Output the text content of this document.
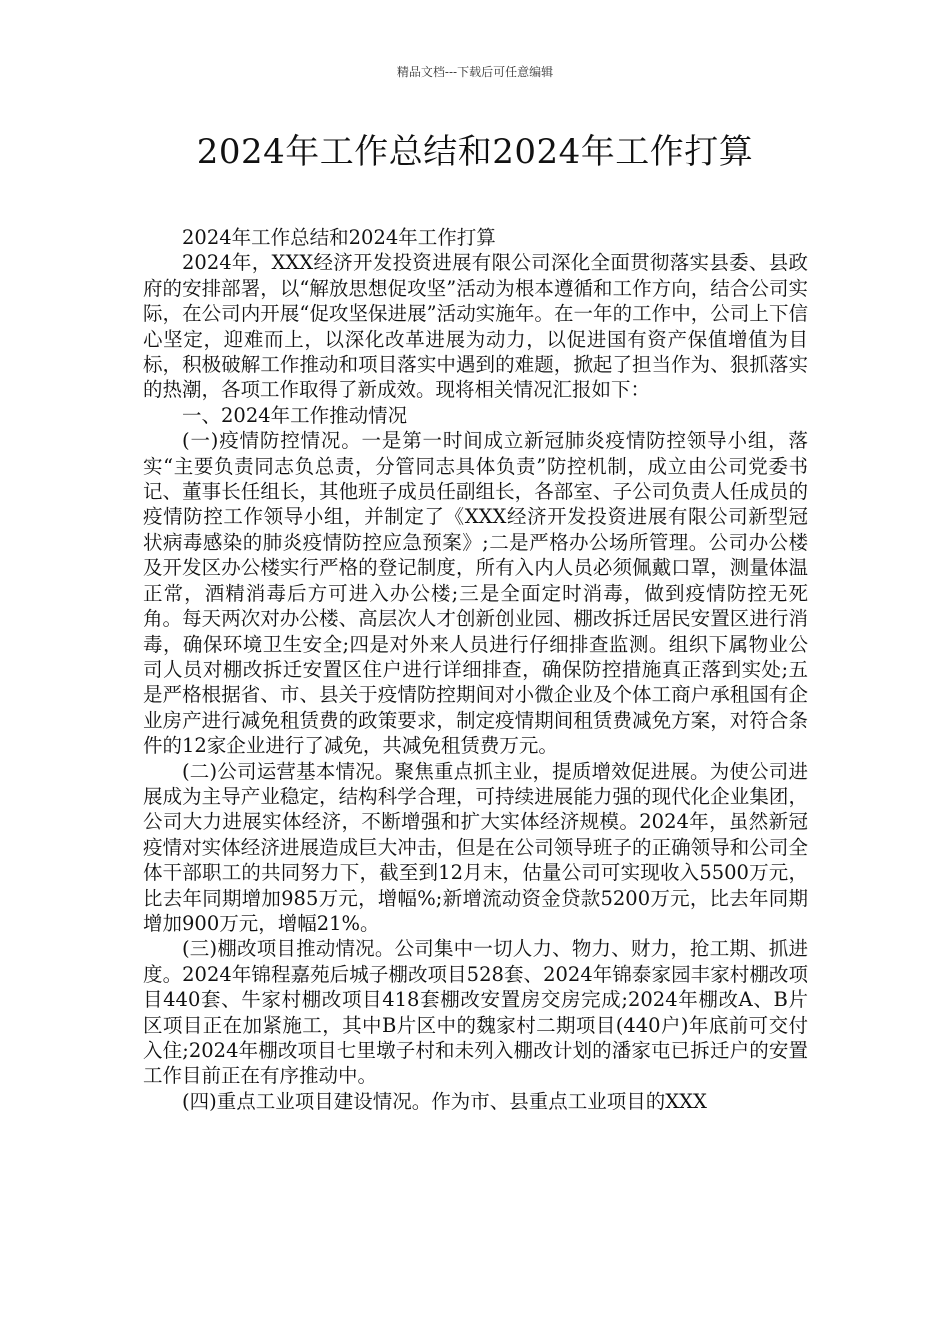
精品文档---下载后可任意编辑
2024年工作总结和2024年工作打算

2024年工作总结和2024年工作打算

2024年，XXX经济开发投资进展有限公司深化全面贯彻落实县委、县政府的安排部署，以“解放思想促攻坚”活动为根本遵循和工作方向，结合公司实际，在公司内开展“促攻坚保进展”活动实施年。在一年的工作中，公司上下信心坚定，迎难而上，以深化改革进展为动力，以促进国有资产保值增值为目标，积极破解工作推动和项目落实中遇到的难题，掀起了担当作为、狠抓落实的热潮，各项工作取得了新成效。现将相关情况汇报如下：

一、2024年工作推动情况

(一)疫情防控情况。一是第一时间成立新冠肺炎疫情防控领导小组，落实“主要负责同志负总责，分管同志具体负责”防控机制，成立由公司党委书记、董事长任组长，其他班子成员任副组长，各部室、子公司负责人任成员的疫情防控工作领导小组，并制定了《XXX经济开发投资进展有限公司新型冠状病毒感染的肺炎疫情防控应急预案》;二是严格办公场所管理。公司办公楼及开发区办公楼实行严格的登记制度，所有入内人员必须佩戴口罩，测量体温正常，酒精消毒后方可进入办公楼;三是全面定时消毒，做到疫情防控无死角。每天两次对办公楼、高层次人才创新创业园、棚改拆迁居民安置区进行消毒，确保环境卫生安全;四是对外来人员进行仔细排查监测。组织下属物业公司人员对棚改拆迁安置区住户进行详细排查，确保防控措施真正落到实处;五是严格根据省、市、县关于疫情防控期间对小微企业及个体工商户承租国有企业房产进行减免租赁费的政策要求，制定疫情期间租赁费减免方案，对符合条件的12家企业进行了减免，共减免租赁费万元。

(二)公司运营基本情况。聚焦重点抓主业，提质增效促进展。为使公司进展成为主导产业稳定，结构科学合理，可持续进展能力强的现代化企业集团，公司大力进展实体经济，不断增强和扩大实体经济规模。2024年，虽然新冠疫情对实体经济进展造成巨大冲击，但是在公司领导班子的正确领导和公司全体干部职工的共同努力下，截至到12月末，估量公司可实现收入5500万元，比去年同期增加985万元，增幅%;新增流动资金贷款5200万元，比去年同期增加900万元，增幅21%。

(三)棚改项目推动情况。公司集中一切人力、物力、财力，抢工期、抓进度。2024年锦程嘉苑后城子棚改项目528套、2024年锦泰家园丰家村棚改项目440套、牛家村棚改项目418套棚改安置房交房完成;2024年棚改A、B片区项目正在加紧施工，其中B片区中的魏家村二期项目(440户)年底前可交付入住;2024年棚改项目七里墩子村和未列入棚改计划的潘家屯已拆迁户的安置工作目前正在有序推动中。

(四)重点工业项目建设情况。作为市、县重点工业项目的XXX
